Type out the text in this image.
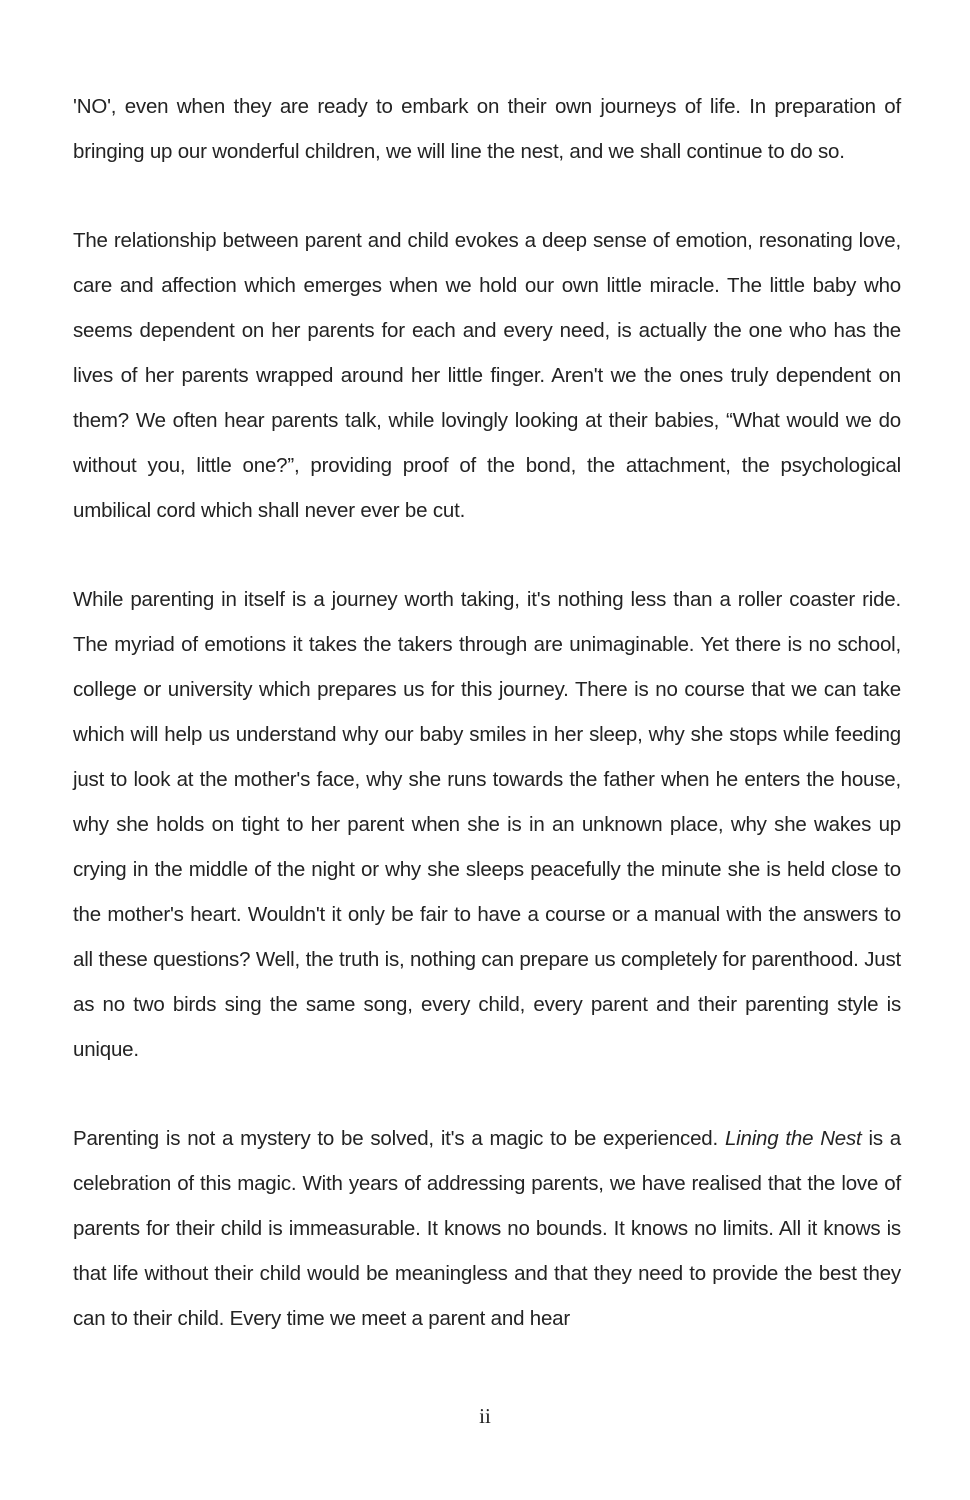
'NO', even when they are ready to embark on their own journeys of life. In preparation of bringing up our wonderful children, we will line the nest, and we shall continue to do so.

The relationship between parent and child evokes a deep sense of emotion, resonating love, care and affection which emerges when we hold our own little miracle. The little baby who seems dependent on her parents for each and every need, is actually the one who has the lives of her parents wrapped around her little finger. Aren't we the ones truly dependent on them? We often hear parents talk, while lovingly looking at their babies, “What would we do without you, little one?”, providing proof of the bond, the attachment, the psychological umbilical cord which shall never ever be cut.

While parenting in itself is a journey worth taking, it's nothing less than a roller coaster ride. The myriad of emotions it takes the takers through are unimaginable. Yet there is no school, college or university which prepares us for this journey. There is no course that we can take which will help us understand why our baby smiles in her sleep, why she stops while feeding just to look at the mother's face, why she runs towards the father when he enters the house, why she holds on tight to her parent when she is in an unknown place, why she wakes up crying in the middle of the night or why she sleeps peacefully the minute she is held close to the mother's heart. Wouldn't it only be fair to have a course or a manual with the answers to all these questions? Well, the truth is, nothing can prepare us completely for parenthood. Just as no two birds sing the same song, every child, every parent and their parenting style is unique.

Parenting is not a mystery to be solved, it's a magic to be experienced. Lining the Nest is a celebration of this magic. With years of addressing parents, we have realised that the love of parents for their child is immeasurable. It knows no bounds. It knows no limits. All it knows is that life without their child would be meaningless and that they need to provide the best they can to their child. Every time we meet a parent and hear

ii
